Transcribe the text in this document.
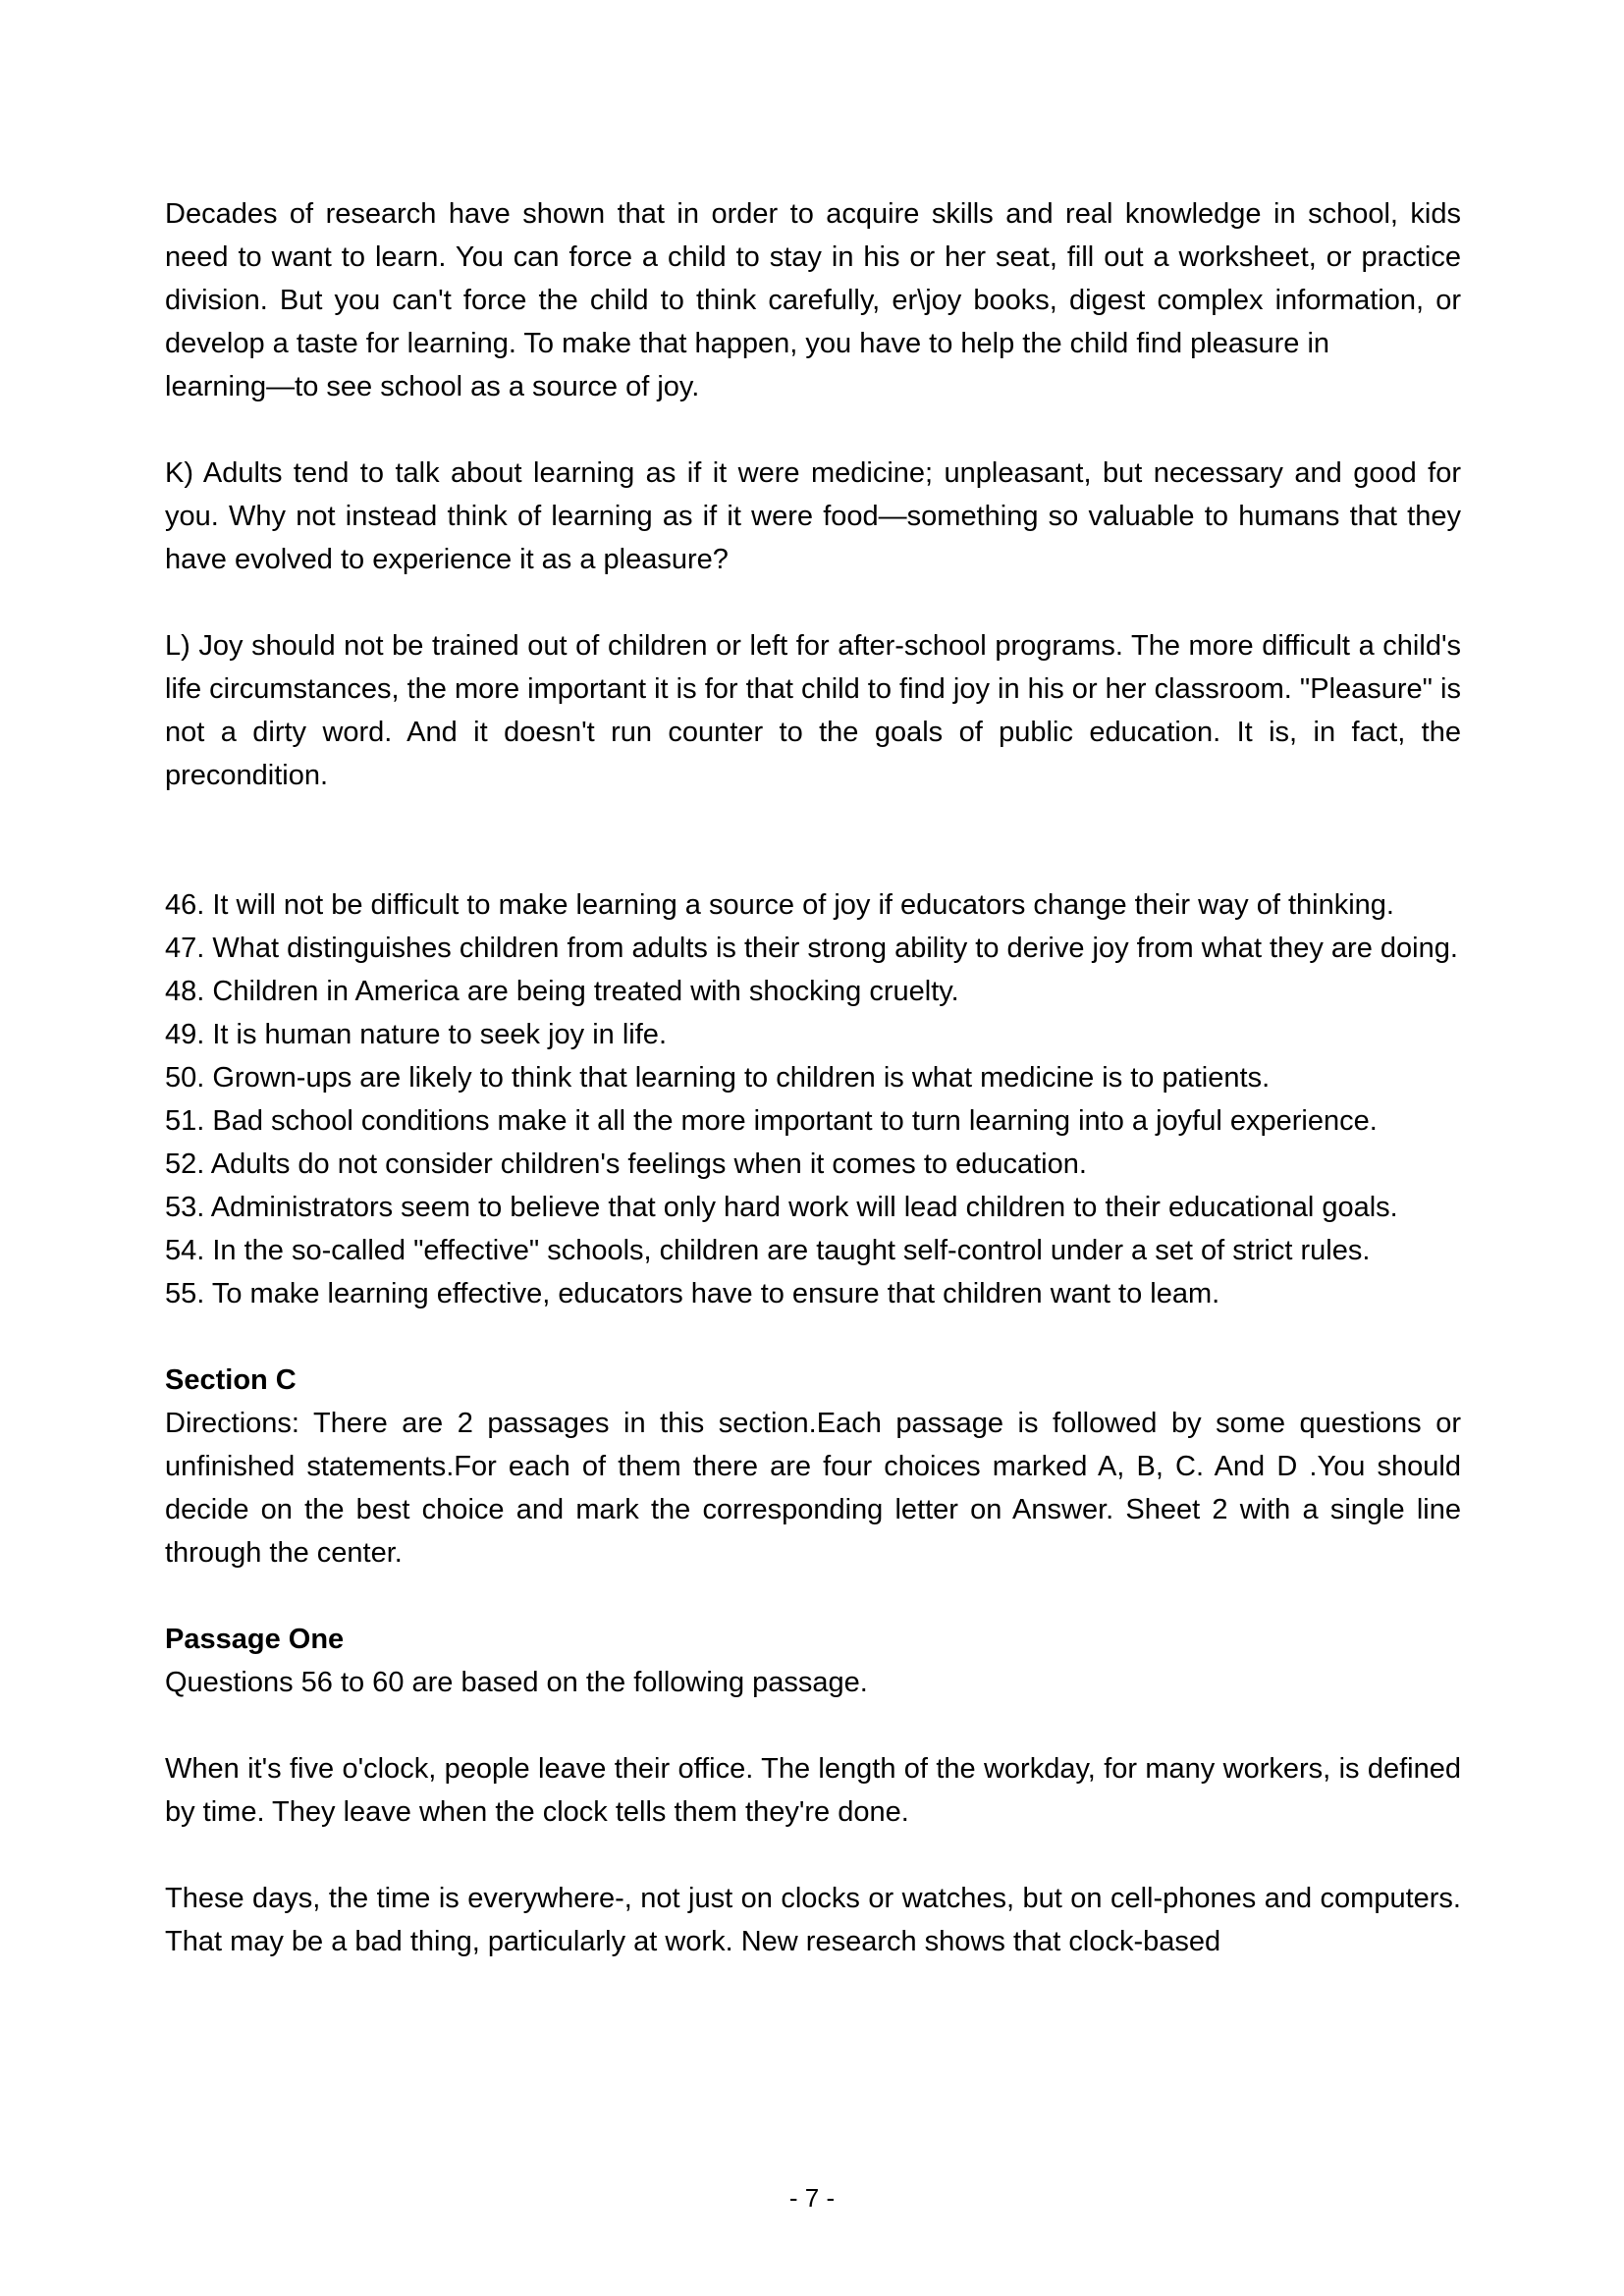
Decades of research have shown that in order to acquire skills and real knowledge in school, kids need to want to learn. You can force a child to stay in his or her seat, fill out a worksheet, or practice division. But you can't force the child to think carefully, er\joy books, digest complex information, or develop a taste for learning. To make that happen, you have to help the child find pleasure in

learning—to see school as a source of joy.

K) Adults tend to talk about learning as if it were medicine; unpleasant, but necessary and good for you. Why not instead think of learning as if it were food—something so valuable to humans that they have evolved to experience it as a pleasure?

L) Joy should not be trained out of children or left for after-school programs. The more difficult a child's life circumstances, the more important it is for that child to find joy in his or her classroom. "Pleasure" is not a dirty word. And it doesn't run counter to the goals of public education. It is, in fact, the precondition.

46. It will not be difficult to make learning a source of joy if educators change their way of thinking.

47. What distinguishes children from adults is their strong ability to derive joy from what they are doing.

48. Children in America are being treated with shocking cruelty.

49. It is human nature to seek joy in life.

50. Grown-ups are likely to think that learning to children is what medicine is to patients.

51. Bad school conditions make it all the more important to turn learning into a joyful experience.

52. Adults do not consider children's feelings when it comes to education.

53. Administrators seem to believe that only hard work will lead children to their educational goals.

54. In the so-called "effective" schools, children are taught self-control under a set of strict rules.

55. To make learning effective, educators have to ensure that children want to leam.

Section C

Directions: There are 2 passages in this section.Each passage is followed by some questions or unfinished statements.For each of them there are four choices marked A, B, C. And D .You should decide on the best choice and mark the corresponding letter on Answer. Sheet 2 with a single line through the center.

Passage One

Questions 56 to 60 are based on the following passage.

When it's five o'clock, people leave their office. The length of the workday, for many workers, is defined by time. They leave when the clock tells them they're done.

These days, the time is everywhere-, not just on clocks or watches, but on cell-phones and computers. That may be a bad thing, particularly at work. New research shows that clock-based

- 7 -
